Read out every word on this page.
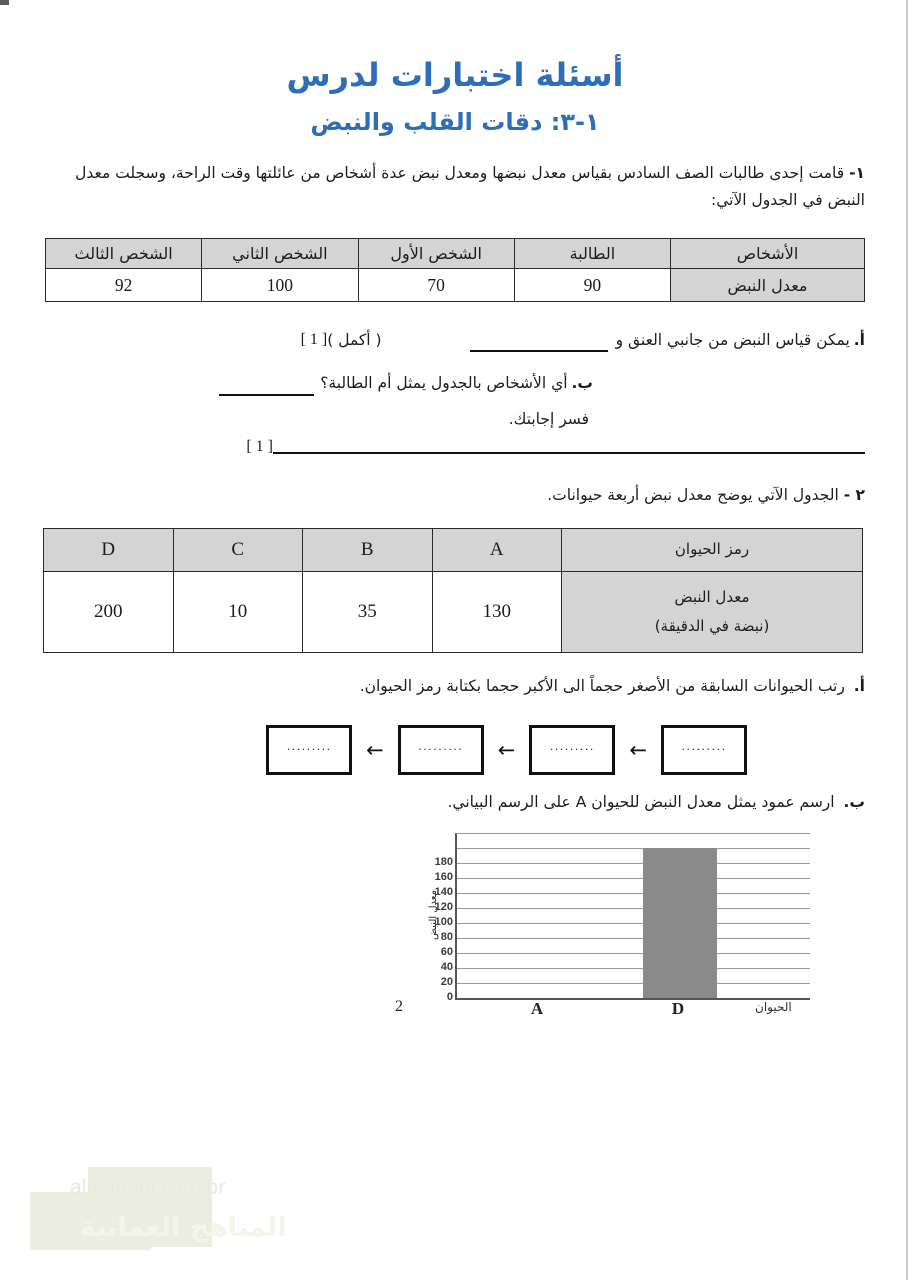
أسئلة اختبارات لدرس
١-٣: دقات القلب والنبض

١- قامت إحدى طالبات الصف السادس بقياس معدل نبضها ومعدل نبض عدة أشخاص من عائلتها وقت الراحة، وسجلت معدل النبض في الجدول الآتي:

الأشخاص	الطالبة	الشخص الأول	الشخص الثاني	الشخص الثالث
معدل النبض	90	70	100	92
أ.
يمكن قياس النبض من جانبي العنق و
( أكمل )
[ 1 ]
ب.
أي الأشخاص بالجدول يمثل أم الطالبة؟
فسر إجابتك.
[ 1 ]

٢ - الجدول الآتي يوضح معدل نبض أربعة حيوانات.

رمز الحيوان	A	B	C	D

معدل النبض
(نبضة في الدقيقة)	130	35	10	200

أ. رتب الحيوانات السابقة من الأصغر حجماً الى الأكبر حجما بكتابة رمز الحيوان.

.........
←
.........
←
.........
←
.........

ب. ارسم عمود يمثل معدل النبض للحيوان A على الرسم البياني.

معدل النبض
0
20
40
60
80
100
120
140
160
180
A	D	الحيوان
2
almanahj.com/or
المناهج العمانية
